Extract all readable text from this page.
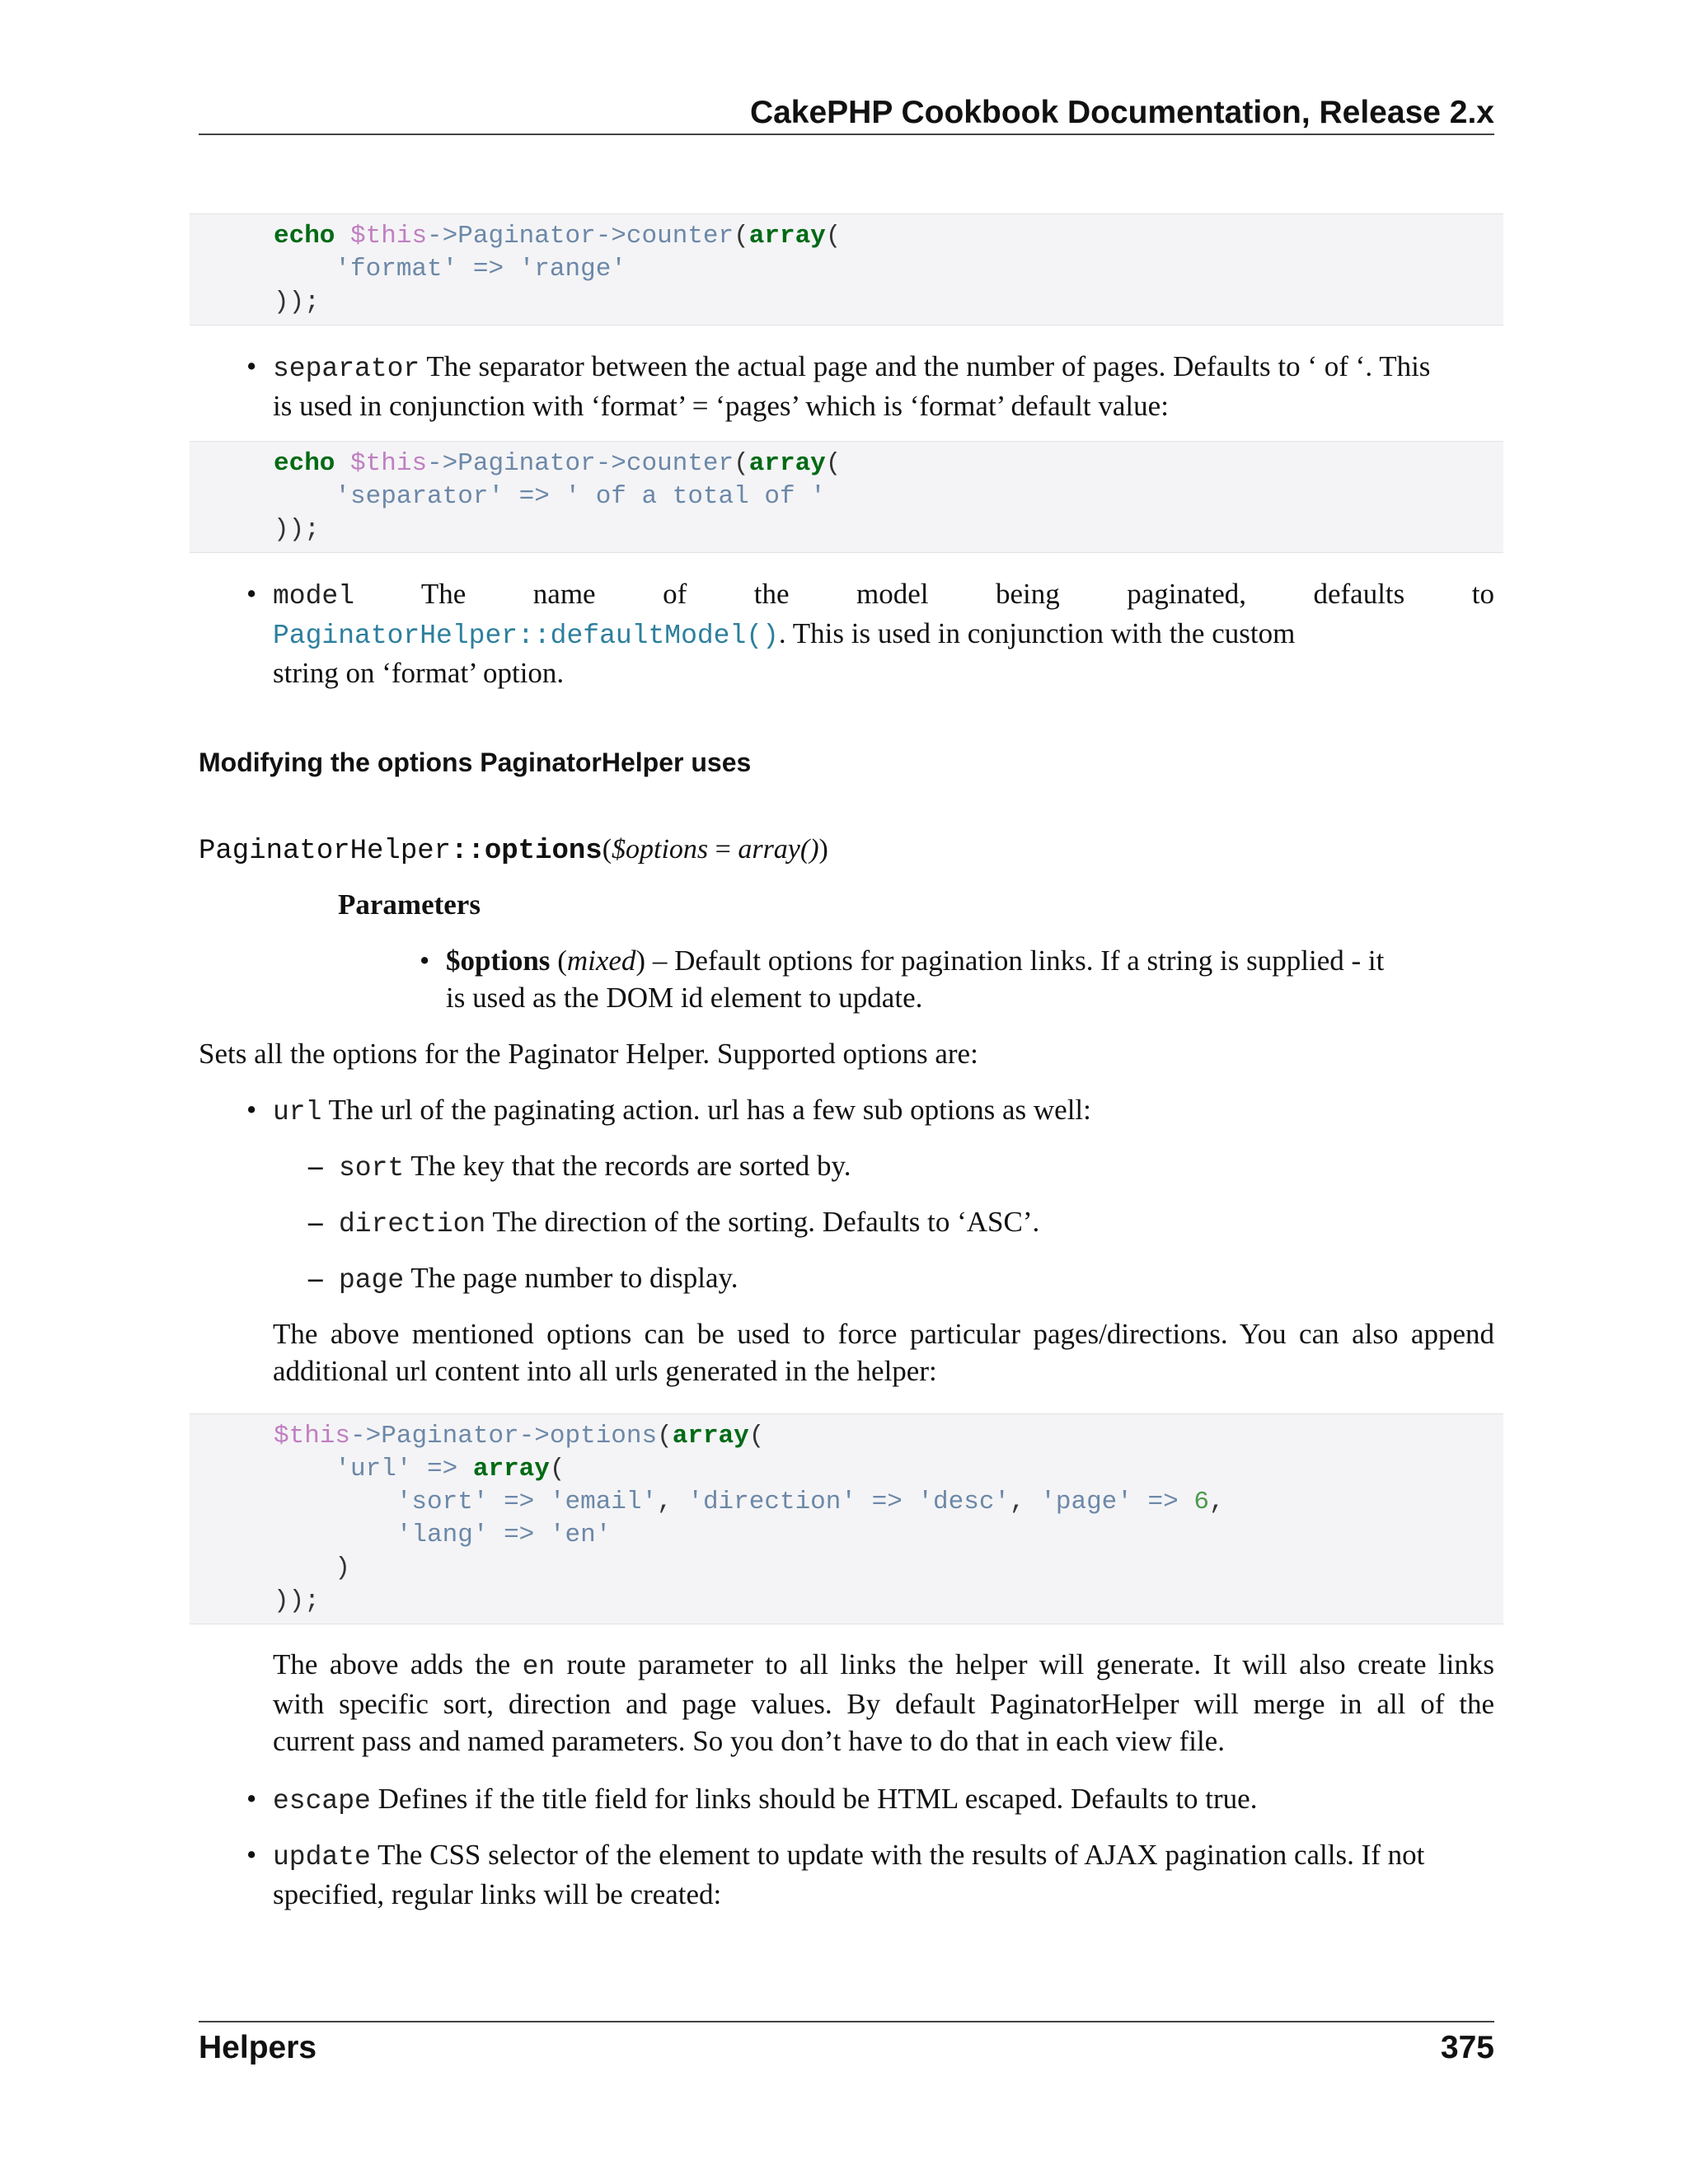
CakePHP Cookbook Documentation, Release 2.x
echo $this->Paginator->counter(array(
'format' => 'range'
));
• separator The separator between the actual page and the number of pages. Defaults to ‘ of ‘. This
is used in conjunction with ‘format’ = ‘pages’ which is ‘format’ default value:
echo $this->Paginator->counter(array(
'separator' => ' of a total of '
));
• model The name of the model being paginated, defaults to
PaginatorHelper::defaultModel(). This is used in conjunction with the custom
string on ‘format’ option.
Modifying the options PaginatorHelper uses
PaginatorHelper::options($options = array())
Parameters
• $options (mixed) – Default options for pagination links. If a string is supplied - it
is used as the DOM id element to update.
Sets all the options for the Paginator Helper. Supported options are:
• url The url of the paginating action. url has a few sub options as well:
– sort The key that the records are sorted by.
– direction The direction of the sorting. Defaults to ‘ASC’.
– page The page number to display.
The above mentioned options can be used to force particular pages/directions. You can also append
additional url content into all urls generated in the helper:
$this->Paginator->options(array(
'url' => array(
'sort' => 'email', 'direction' => 'desc', 'page' => 6,
'lang' => 'en'
)
));
The above adds the en route parameter to all links the helper will generate. It will also create links
with specific sort, direction and page values. By default PaginatorHelper will merge in all of the
current pass and named parameters. So you don’t have to do that in each view file.
• escape Defines if the title field for links should be HTML escaped. Defaults to true.
• update The CSS selector of the element to update with the results of AJAX pagination calls. If not
specified, regular links will be created:
Helpers	375
